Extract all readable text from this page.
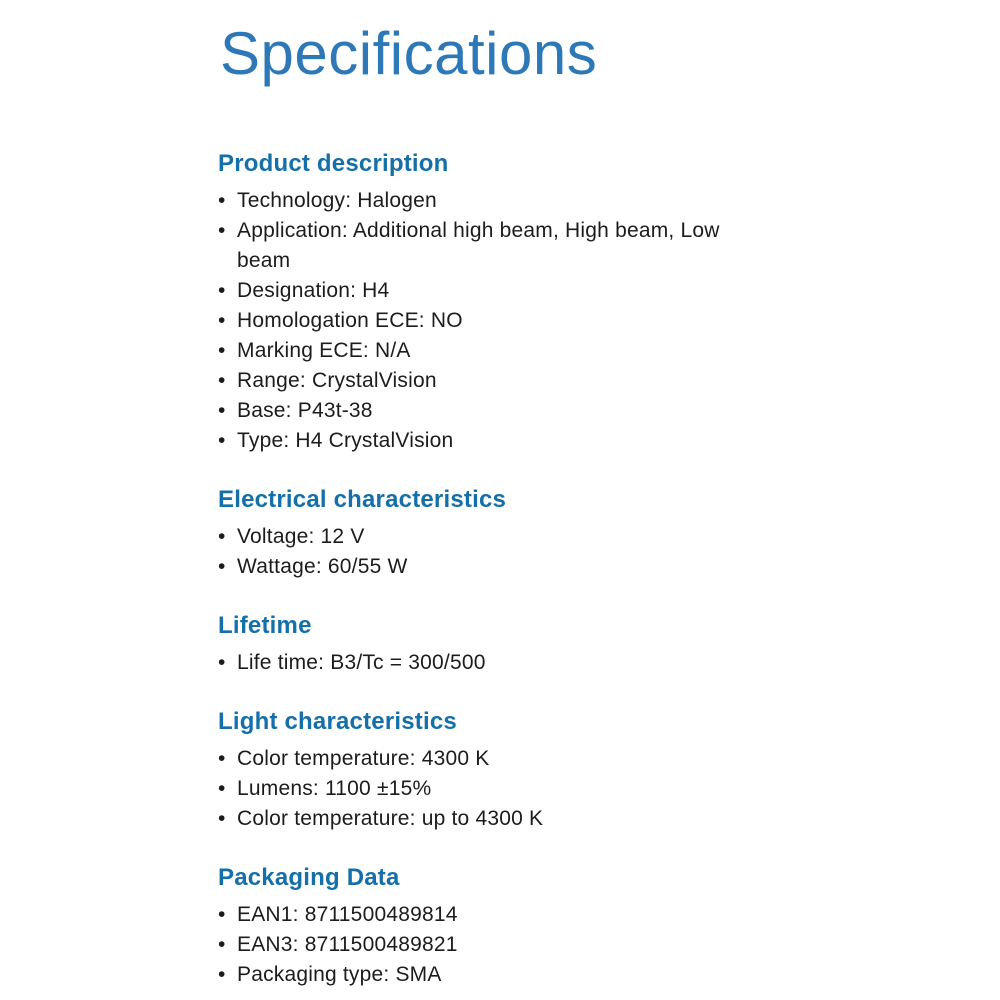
Specifications
Product description
• Technology: Halogen
• Application: Additional high beam, High beam, Low beam
• Designation: H4
• Homologation ECE: NO
• Marking ECE: N/A
• Range: CrystalVision
• Base: P43t-38
• Type: H4 CrystalVision
Electrical characteristics
• Voltage: 12 V
• Wattage: 60/55 W
Lifetime
• Life time: B3/Tc = 300/500
Light characteristics
• Color temperature: 4300 K
• Lumens: 1100 ±15%
• Color temperature: up to 4300 K
Packaging Data
• EAN1: 8711500489814
• EAN3: 8711500489821
• Packaging type: SMA
